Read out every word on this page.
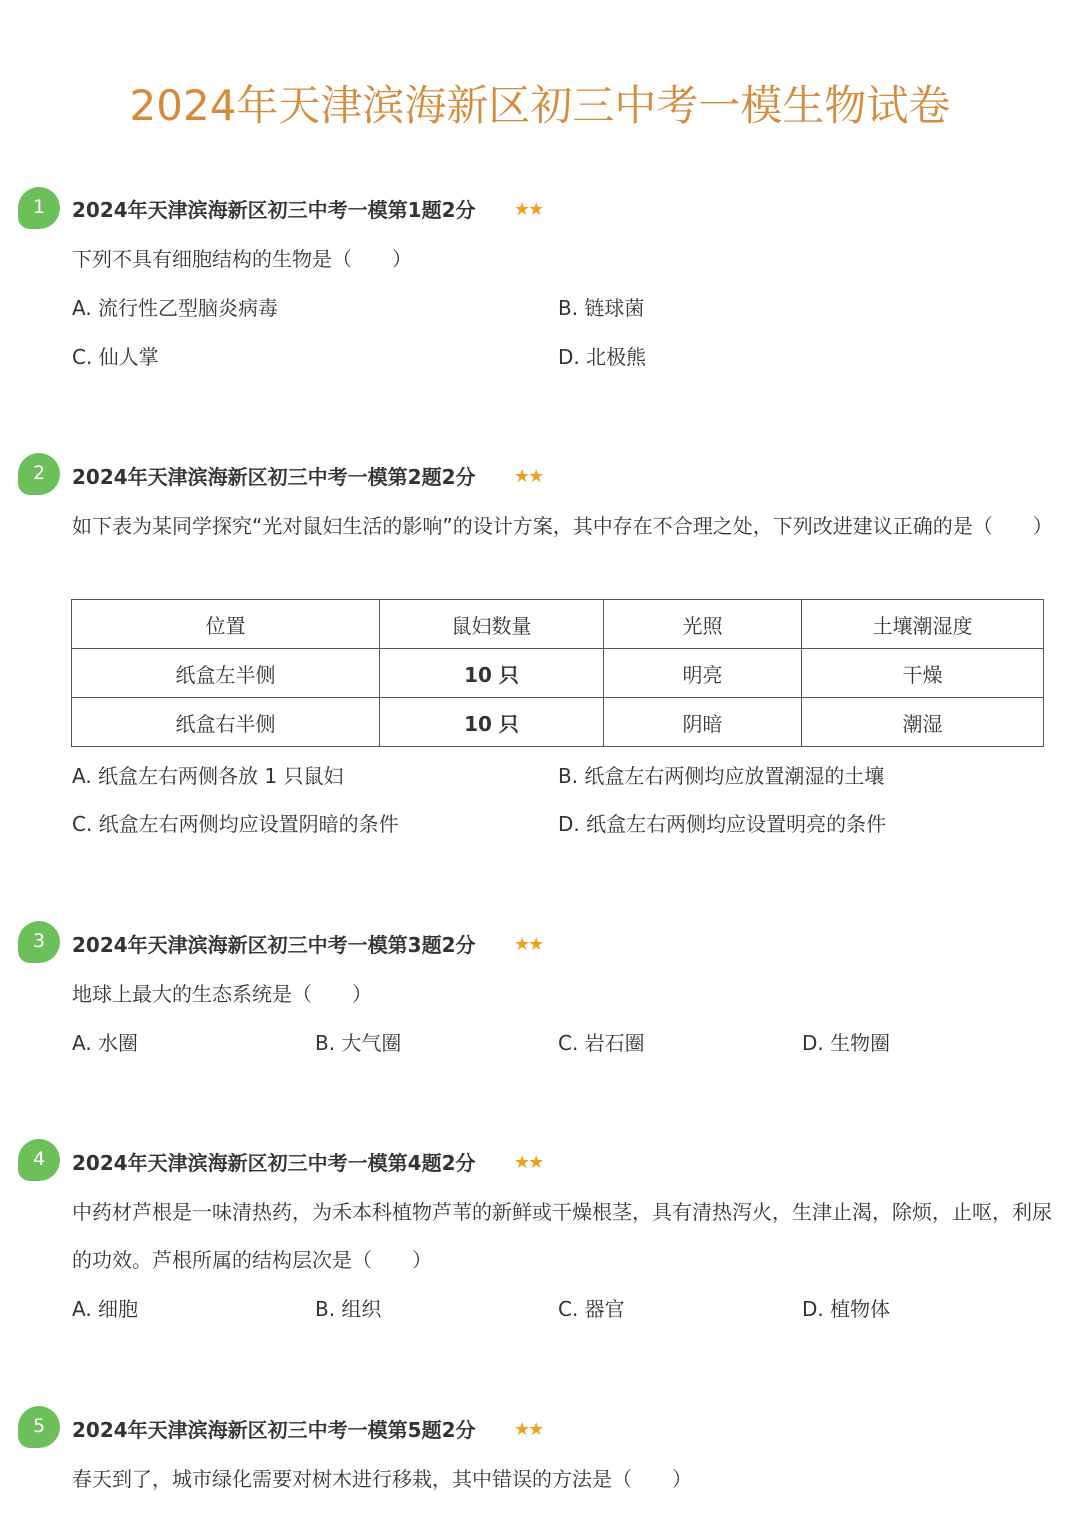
2024年天津滨海新区初三中考一模生物试卷
1	2024年天津滨海新区初三中考一模第1题2分 ★★
下列不具有细胞结构的生物是（　　）
A. 流行性乙型脑炎病毒	B. 链球菌
C. 仙人掌	D. 北极熊
2	2024年天津滨海新区初三中考一模第2题2分 ★★
如下表为某同学探究“光对鼠妇生活的影响”的设计方案，其中存在不合理之处，下列改进建议正确的是（　　）
位置	鼠妇数量	光照	土壤潮湿度
纸盒左半侧	10 只	明亮	干燥
纸盒右半侧	10 只	阴暗	潮湿
A. 纸盒左右两侧各放 1 只鼠妇	B. 纸盒左右两侧均应放置潮湿的土壤
C. 纸盒左右两侧均应设置阴暗的条件	D. 纸盒左右两侧均应设置明亮的条件
3	2024年天津滨海新区初三中考一模第3题2分 ★★
地球上最大的生态系统是（　　）
A. 水圈	B. 大气圈	C. 岩石圈	D. 生物圈
4	2024年天津滨海新区初三中考一模第4题2分 ★★
中药材芦根是一味清热药，为禾本科植物芦苇的新鲜或干燥根茎，具有清热泻火，生津止渴，除烦，止呕，利尿的功效。芦根所属的结构层次是（　　）
A. 细胞	B. 组织	C. 器官	D. 植物体
5	2024年天津滨海新区初三中考一模第5题2分 ★★
春天到了，城市绿化需要对树木进行移栽，其中错误的方法是（　　）
